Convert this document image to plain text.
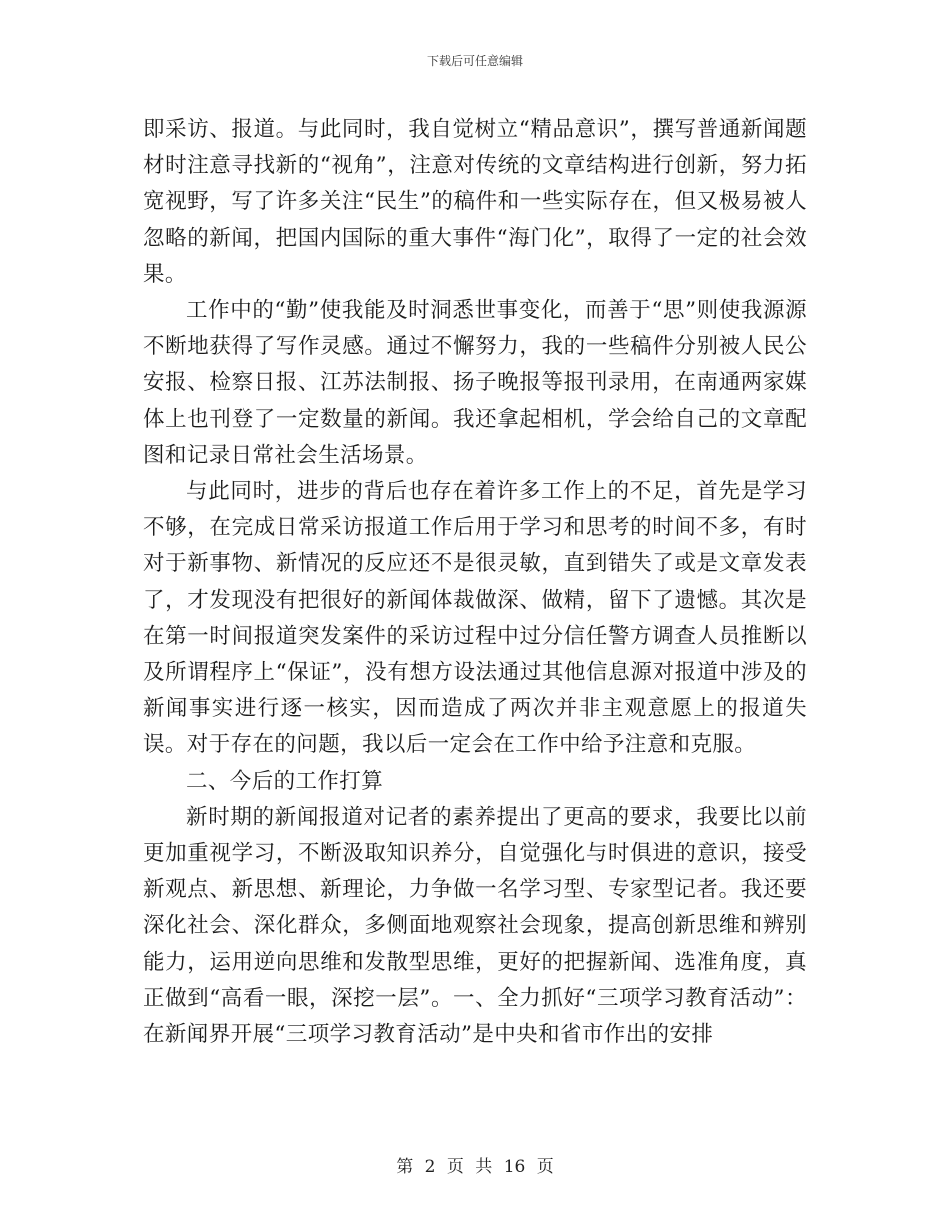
下载后可任意编辑

即采访、报道。与此同时，我自觉树立“精品意识”，撰写普通新闻题材时注意寻找新的“视角”，注意对传统的文章结构进行创新，努力拓宽视野，写了许多关注“民生”的稿件和一些实际存在，但又极易被人忽略的新闻，把国内国际的重大事件“海门化”，取得了一定的社会效果。

工作中的“勤”使我能及时洞悉世事变化，而善于“思”则使我源源不断地获得了写作灵感。通过不懈努力，我的一些稿件分别被人民公安报、检察日报、江苏法制报、扬子晚报等报刊录用，在南通两家媒体上也刊登了一定数量的新闻。我还拿起相机，学会给自己的文章配图和记录日常社会生活场景。

与此同时，进步的背后也存在着许多工作上的不足，首先是学习不够，在完成日常采访报道工作后用于学习和思考的时间不多，有时对于新事物、新情况的反应还不是很灵敏，直到错失了或是文章发表了，才发现没有把很好的新闻体裁做深、做精，留下了遗憾。其次是在第一时间报道突发案件的采访过程中过分信任警方调查人员推断以及所谓程序上“保证”，没有想方设法通过其他信息源对报道中涉及的新闻事实进行逐一核实，因而造成了两次并非主观意愿上的报道失误。对于存在的问题，我以后一定会在工作中给予注意和克服。

二、今后的工作打算

新时期的新闻报道对记者的素养提出了更高的要求，我要比以前更加重视学习，不断汲取知识养分，自觉强化与时俱进的意识，接受新观点、新思想、新理论，力争做一名学习型、专家型记者。我还要深化社会、深化群众，多侧面地观察社会现象，提高创新思维和辨别能力，运用逆向思维和发散型思维，更好的把握新闻、选准角度，真正做到“高看一眼，深挖一层”。一、全力抓好“三项学习教育活动”：在新闻界开展“三项学习教育活动”是中央和省市作出的安排

第 2 页 共 16 页
